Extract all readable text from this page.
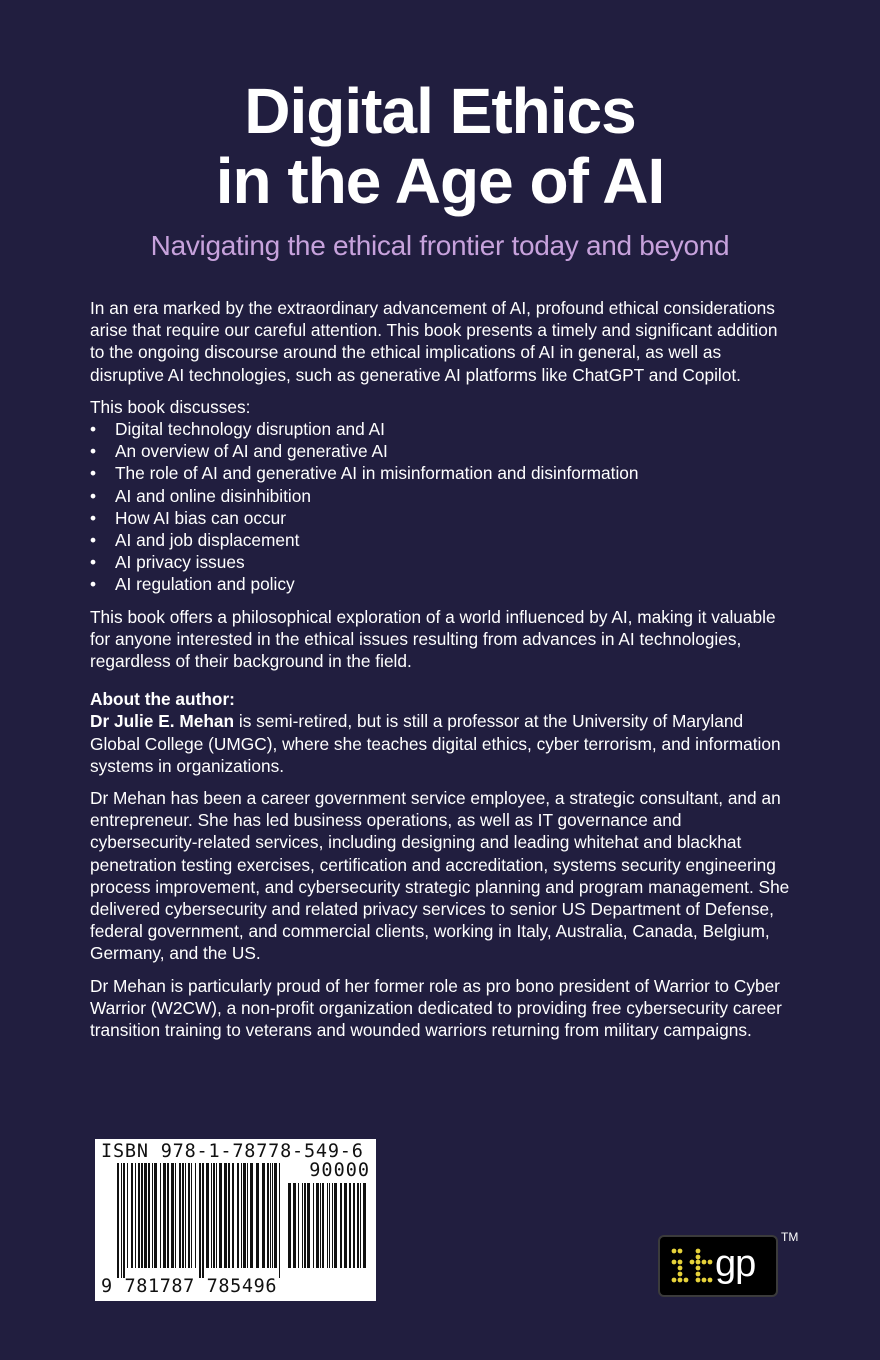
Digital Ethics
in the Age of AI

Navigating the ethical frontier today and beyond

In an era marked by the extraordinary advancement of AI, profound ethical considerations arise that require our careful attention. This book presents a timely and significant addition to the ongoing discourse around the ethical implications of AI in general, as well as disruptive AI technologies, such as generative AI platforms like ChatGPT and Copilot.

This book discusses:

• Digital technology disruption and AI
• An overview of AI and generative AI
• The role of AI and generative AI in misinformation and disinformation
• AI and online disinhibition
• How AI bias can occur
• AI and job displacement
• AI privacy issues
• AI regulation and policy

This book offers a philosophical exploration of a world influenced by AI, making it valuable for anyone interested in the ethical issues resulting from advances in AI technologies, regardless of their background in the field.

About the author:

Dr Julie E. Mehan is semi-retired, but is still a professor at the University of Maryland Global College (UMGC), where she teaches digital ethics, cyber terrorism, and information systems in organizations.

Dr Mehan has been a career government service employee, a strategic consultant, and an entrepreneur. She has led business operations, as well as IT governance and cybersecurity-related services, including designing and leading whitehat and blackhat penetration testing exercises, certification and accreditation, systems security engineering process improvement, and cybersecurity strategic planning and program management. She delivered cybersecurity and related privacy services to senior US Department of Defense, federal government, and commercial clients, working in Italy, Australia, Canada, Belgium, Germany, and the US.

Dr Mehan is particularly proud of her former role as pro bono president of Warrior to Cyber Warrior (W2CW), a non-profit organization dedicated to providing free cybersecurity career transition training to veterans and wounded warriors returning from military campaigns.

ISBN 978-1-78778-549-6
90000
9 781787 785496
gp
TM
